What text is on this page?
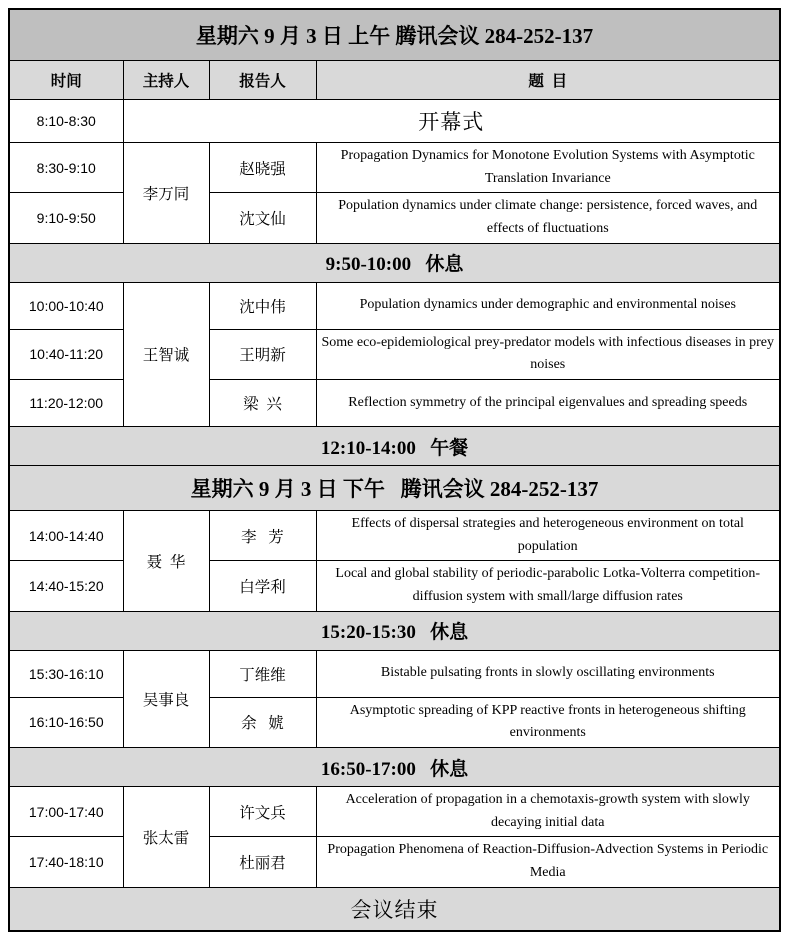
星期六 9 月 3 日 上午 腾讯会议 284-252-137			
时间	主持人	报告人	题  目
8:10-8:30	开幕式		
8:30-9:10	李万同	赵晓强	Propagation Dynamics for Monotone Evolution Systems with Asymptotic Translation Invariance
9:10-9:50		沈文仙	Population dynamics under climate change: persistence, forced waves, and effects of fluctuations
9:50-10:00   休息			
10:00-10:40	王智诚	沈中伟	Population dynamics under demographic and environmental noises
10:40-11:20		王明新	Some eco-epidemiological prey-predator models with infectious diseases in prey noises
11:20-12:00		梁  兴	Reflection symmetry of the principal eigenvalues and spreading speeds
12:10-14:00   午餐			
星期六 9 月 3 日 下午   腾讯会议 284-252-137			
14:00-14:40	聂  华	李   芳	Effects of dispersal strategies and heterogeneous environment on total population
14:40-15:20		白学利	Local and global stability of periodic-parabolic Lotka-Volterra competition-diffusion system with small/large diffusion rates
15:20-15:30   休息			
15:30-16:10	吴事良	丁维维	Bistable pulsating fronts in slowly oscillating environments
16:10-16:50		余   婋	Asymptotic spreading of KPP reactive fronts in heterogeneous shifting environments
16:50-17:00   休息			
17:00-17:40	张太雷	许文兵	Acceleration of propagation in a chemotaxis-growth system with slowly decaying initial data
17:40-18:10		杜丽君	Propagation Phenomena of Reaction-Diffusion-Advection Systems in Periodic Media
会议结束			
